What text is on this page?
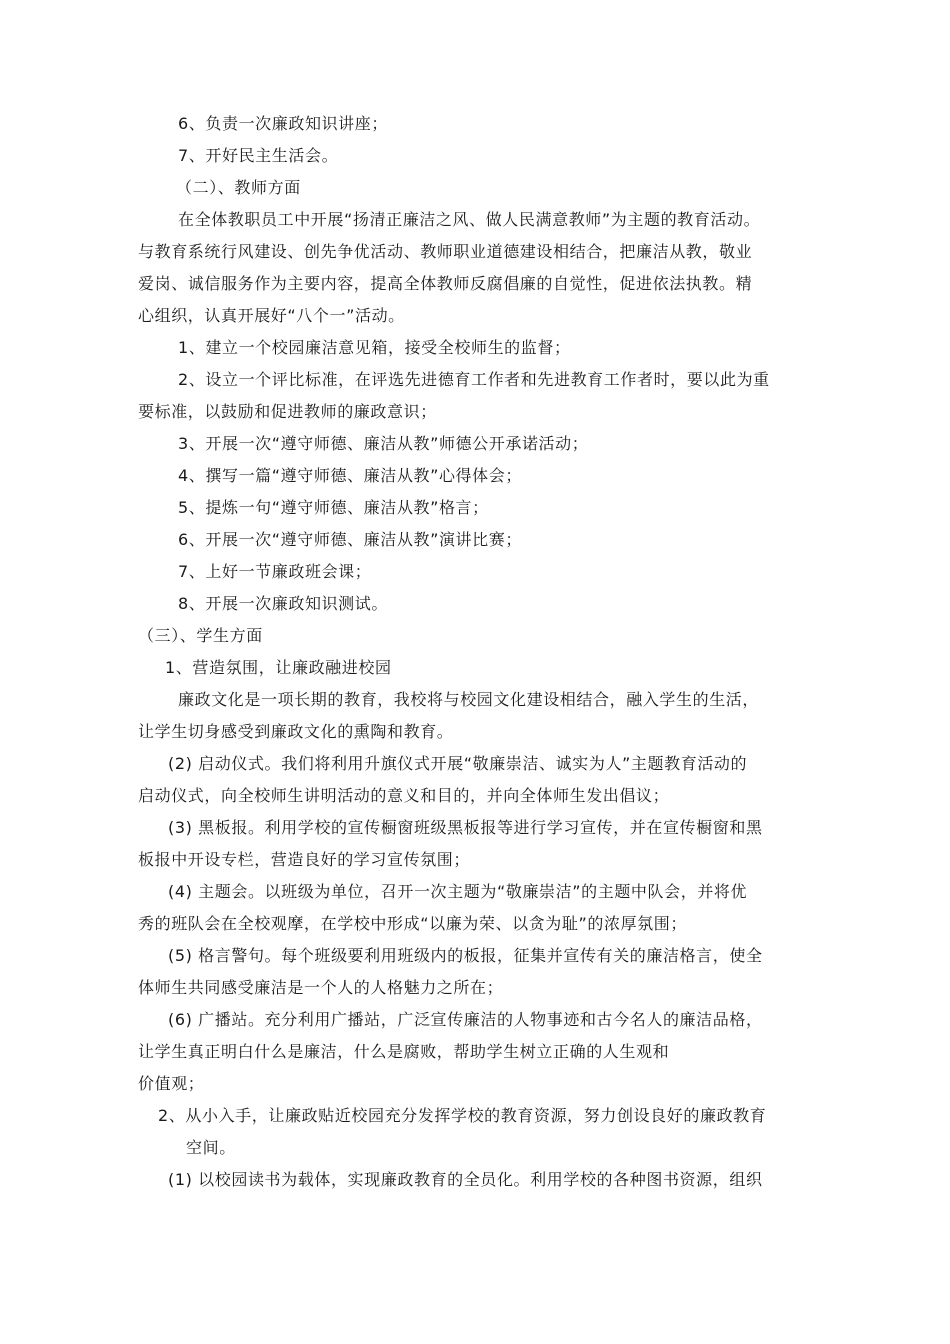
6、负责一次廉政知识讲座；
7、开好民主生活会。
（二）、教师方面
在全体教职员工中开展“扬清正廉洁之风、做人民满意教师”为主题的教育活动。
与教育系统行风建设、创先争优活动、教师职业道德建设相结合，把廉洁从教，敬业
爱岗、诚信服务作为主要内容，提高全体教师反腐倡廉的自觉性，促进依法执教。精
心组织，认真开展好“八个一”活动。
1、建立一个校园廉洁意见箱，接受全校师生的监督；
2、设立一个评比标准，在评选先进德育工作者和先进教育工作者时，要以此为重
要标准，以鼓励和促进教师的廉政意识；
3、开展一次“遵守师德、廉洁从教”师德公开承诺活动；
4、撰写一篇“遵守师德、廉洁从教”心得体会；
5、提炼一句“遵守师德、廉洁从教”格言；
6、开展一次“遵守师德、廉洁从教”演讲比赛；
7、上好一节廉政班会课；
8、开展一次廉政知识测试。
（三）、学生方面
1、营造氛围，让廉政融进校园
廉政文化是一项长期的教育，我校将与校园文化建设相结合，融入学生的生活，
让学生切身感受到廉政文化的熏陶和教育。
(2) 启动仪式。我们将利用升旗仪式开展“敬廉崇洁、诚实为人”主题教育活动的
启动仪式，向全校师生讲明活动的意义和目的，并向全体师生发出倡议；
(3) 黑板报。利用学校的宣传橱窗班级黑板报等进行学习宣传，并在宣传橱窗和黑
板报中开设专栏，营造良好的学习宣传氛围；
(4) 主题会。以班级为单位，召开一次主题为“敬廉崇洁”的主题中队会，并将优
秀的班队会在全校观摩，在学校中形成“以廉为荣、以贪为耻”的浓厚氛围；
(5) 格言警句。每个班级要利用班级内的板报，征集并宣传有关的廉洁格言，使全
体师生共同感受廉洁是一个人的人格魅力之所在；
(6) 广播站。充分利用广播站，广泛宣传廉洁的人物事迹和古今名人的廉洁品格，
让学生真正明白什么是廉洁，什么是腐败，帮助学生树立正确的人生观和
价值观；
2、从小入手，让廉政贴近校园充分发挥学校的教育资源，努力创设良好的廉政教育
空间。
(1) 以校园读书为载体，实现廉政教育的全员化。利用学校的各种图书资源，组织
